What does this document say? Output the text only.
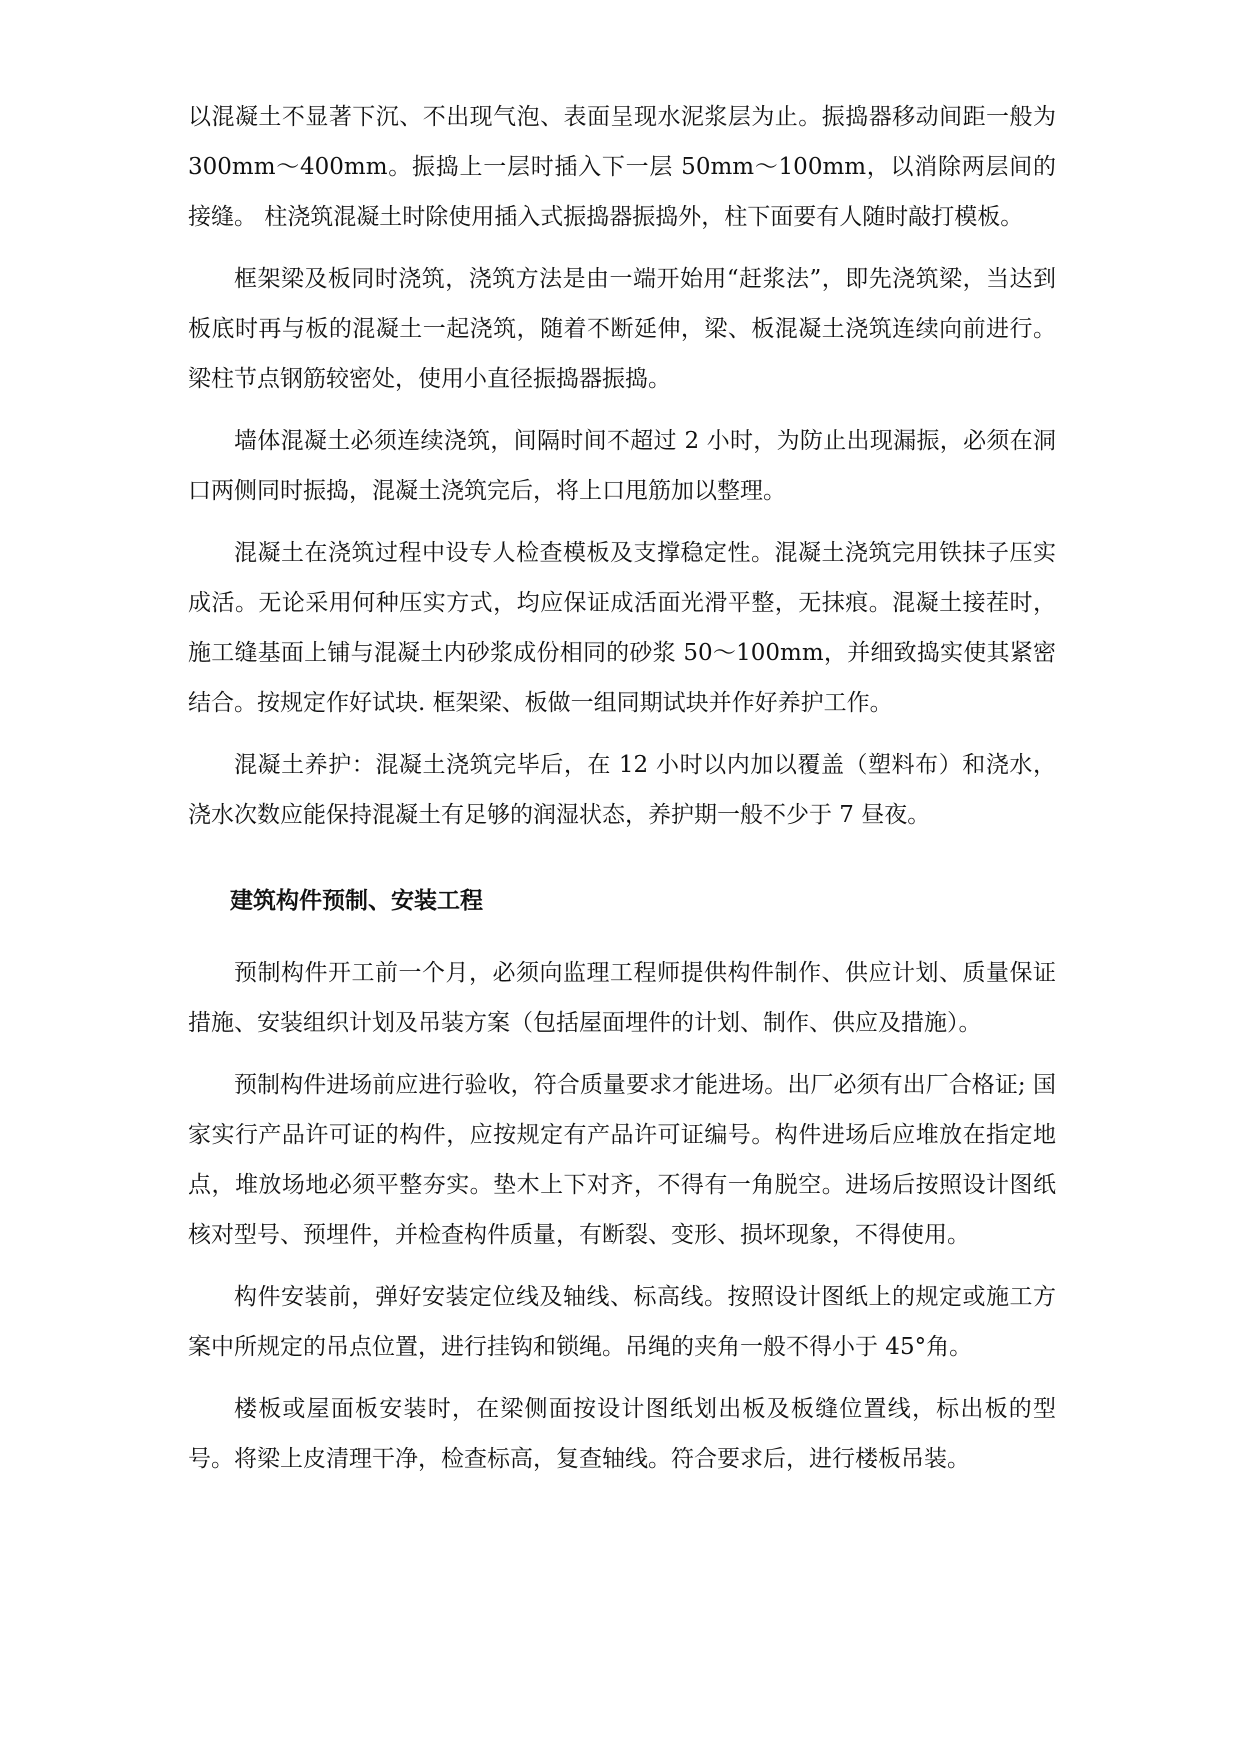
以混凝土不显著下沉、不出现气泡、表面呈现水泥浆层为止。振捣器移动间距一般为 300mm～400mm。振捣上一层时插入下一层 50mm～100mm，以消除两层间的接缝。 柱浇筑混凝土时除使用插入式振捣器振捣外，柱下面要有人随时敲打模板。

框架梁及板同时浇筑，浇筑方法是由一端开始用“赶浆法”，即先浇筑梁，当达到板底时再与板的混凝土一起浇筑，随着不断延伸，梁、板混凝土浇筑连续向前进行。梁柱节点钢筋较密处，使用小直径振捣器振捣。

墙体混凝土必须连续浇筑，间隔时间不超过 2 小时，为防止出现漏振，必须在洞口两侧同时振捣，混凝土浇筑完后，将上口甩筋加以整理。

混凝土在浇筑过程中设专人检查模板及支撑稳定性。混凝土浇筑完用铁抹子压实成活。无论采用何种压实方式，均应保证成活面光滑平整，无抹痕。混凝土接茬时，施工缝基面上铺与混凝土内砂浆成份相同的砂浆 50～100mm，并细致捣实使其紧密结合。按规定作好试块. 框架梁、板做一组同期试块并作好养护工作。

混凝土养护：混凝土浇筑完毕后，在 12 小时以内加以覆盖（塑料布）和浇水，浇水次数应能保持混凝土有足够的润湿状态，养护期一般不少于 7 昼夜。

建筑构件预制、安装工程

预制构件开工前一个月，必须向监理工程师提供构件制作、供应计划、质量保证措施、安装组织计划及吊装方案（包括屋面埋件的计划、制作、供应及措施）。

预制构件进场前应进行验收，符合质量要求才能进场。出厂必须有出厂合格证; 国家实行产品许可证的构件，应按规定有产品许可证编号。构件进场后应堆放在指定地点，堆放场地必须平整夯实。垫木上下对齐，不得有一角脱空。进场后按照设计图纸核对型号、预埋件，并检查构件质量，有断裂、变形、损坏现象，不得使用。

构件安装前，弹好安装定位线及轴线、标高线。按照设计图纸上的规定或施工方案中所规定的吊点位置，进行挂钩和锁绳。吊绳的夹角一般不得小于 45°角。

楼板或屋面板安装时，在梁侧面按设计图纸划出板及板缝位置线，标出板的型号。将梁上皮清理干净，检查标高，复查轴线。符合要求后，进行楼板吊装。
